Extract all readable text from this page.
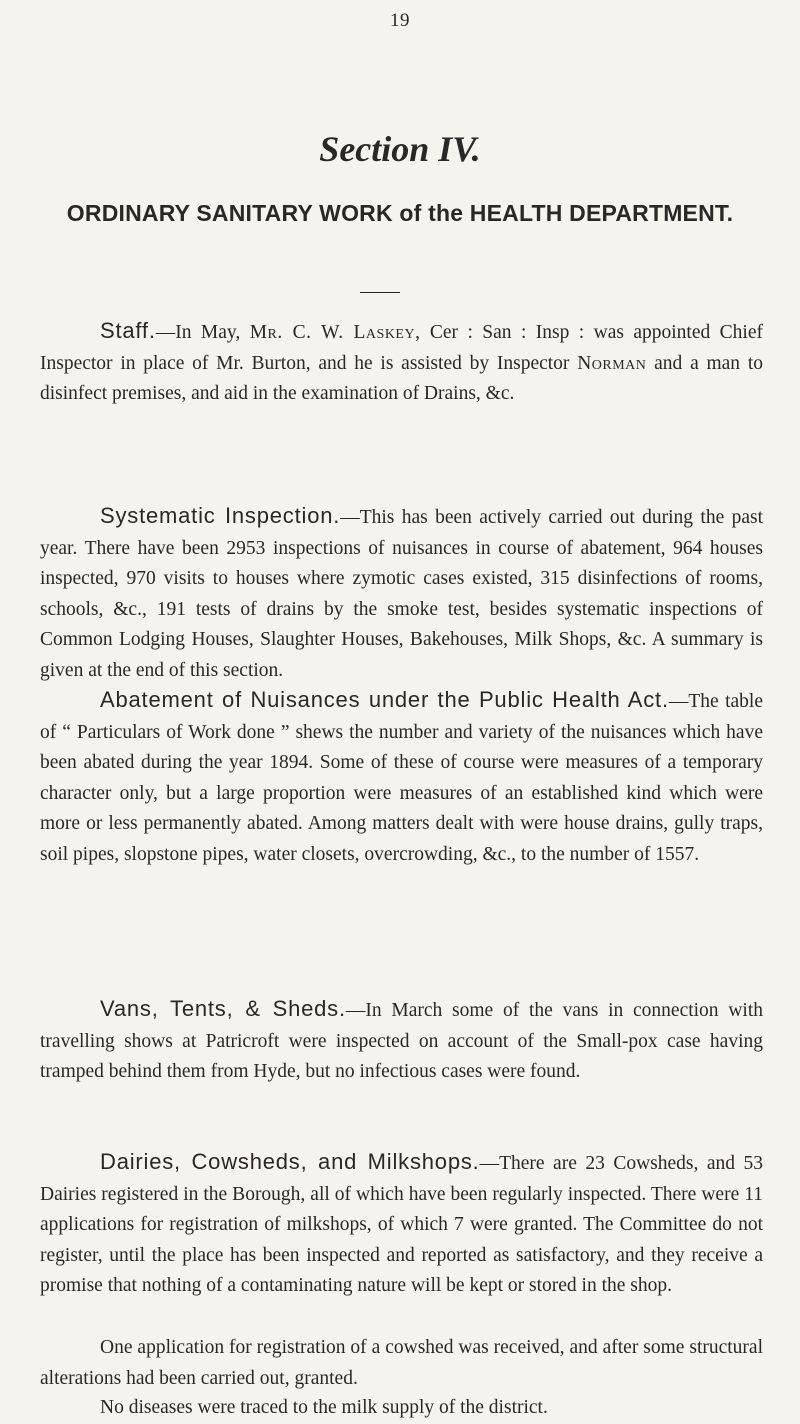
19
Section IV.
ORDINARY SANITARY WORK of the HEALTH DEPARTMENT.

Staff.—In May, Mr. C. W. Laskey, Cer : San : Insp : was appointed Chief Inspector in place of Mr. Burton, and he is assisted by Inspector Norman and a man to disinfect premises, and aid in the examination of Drains, &c.

Systematic Inspection.—This has been actively carried out during the past year. There have been 2953 inspections of nuisances in course of abatement, 964 houses inspected, 970 visits to houses where zymotic cases existed, 315 disinfections of rooms, schools, &c., 191 tests of drains by the smoke test, besides systematic inspections of Common Lodging Houses, Slaughter Houses, Bakehouses, Milk Shops, &c. A summary is given at the end of this section.

Abatement of Nuisances under the Public Health Act.—The table of “ Particulars of Work done ” shews the number and variety of the nuisances which have been abated during the year 1894. Some of these of course were measures of a temporary character only, but a large proportion were measures of an established kind which were more or less permanently abated. Among matters dealt with were house drains, gully traps, soil pipes, slopstone pipes, water closets, overcrowding, &c., to the number of 1557.

Vans, Tents, & Sheds.—In March some of the vans in connection with travelling shows at Patricroft were inspected on account of the Small-pox case having tramped behind them from Hyde, but no infectious cases were found.

Dairies, Cowsheds, and Milkshops.—There are 23 Cowsheds, and 53 Dairies registered in the Borough, all of which have been regularly inspected. There were 11 applications for registration of milkshops, of which 7 were granted. The Committee do not register, until the place has been inspected and reported as satisfactory, and they receive a promise that nothing of a contaminating nature will be kept or stored in the shop.

One application for registration of a cowshed was received, and after some structural alterations had been carried out, granted.

No diseases were traced to the milk supply of the district.
